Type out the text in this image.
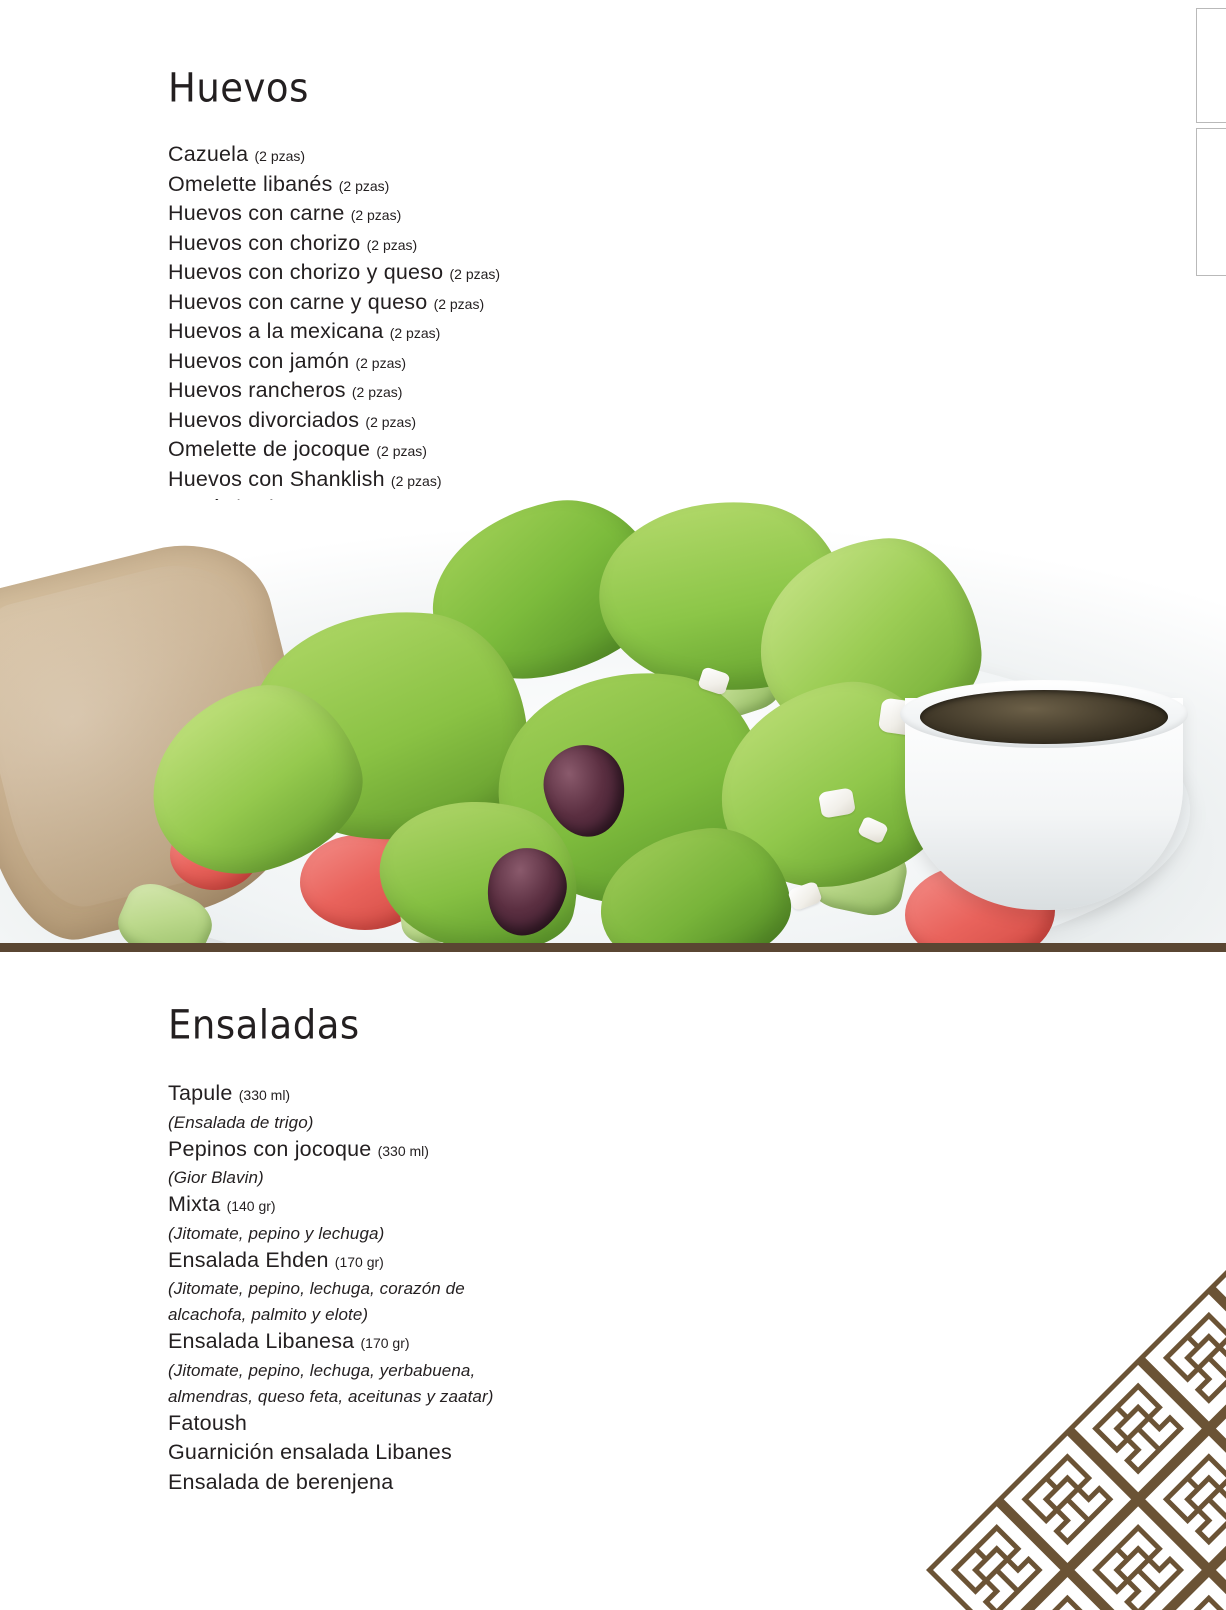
Huevos
Cazuela (2 pzas)
Omelette libanés (2 pzas)
Huevos con carne (2 pzas)
Huevos con chorizo (2 pzas)
Huevos con chorizo y queso (2 pzas)
Huevos con carne y queso (2 pzas)
Huevos a la mexicana (2 pzas)
Huevos con jamón (2 pzas)
Huevos rancheros (2 pzas)
Huevos divorciados (2 pzas)
Omelette de jocoque (2 pzas)
Huevos con Shanklish (2 pzas)
Ensaladas
Tapule (330 ml)
(Ensalada de trigo)
Pepinos con jocoque (330 ml)
(Gior Blavin)
Mixta (140 gr)
(Jitomate, pepino y lechuga)
Ensalada Ehden (170 gr)
(Jitomate, pepino, lechuga, corazón de alcachofa, palmito y elote)
Ensalada Libanesa (170 gr)
(Jitomate, pepino, lechuga, yerbabuena, almendras, queso feta, aceitunas y zaatar)
Fatoush
Guarnición ensalada Libanes
Ensalada de berenjena
